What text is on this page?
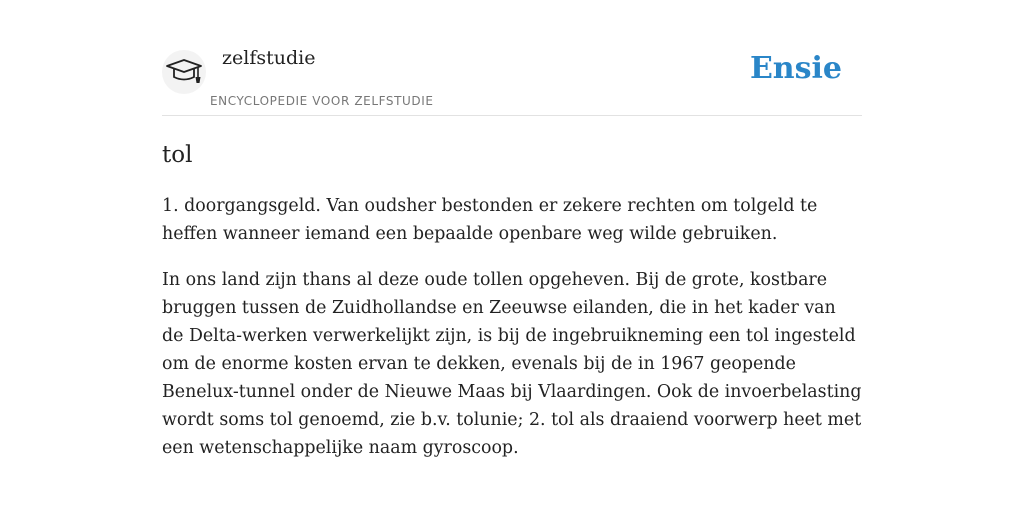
zelfstudie
ENCYCLOPEDIE VOOR ZELFSTUDIE
Ensie
tol

1. doorgangsgeld. Van oudsher bestonden er zekere rechten om tolgeld te heffen wanneer iemand een bepaalde openbare weg wilde gebruiken.

In ons land zijn thans al deze oude tollen opgeheven. Bij de grote, kostbare bruggen tussen de Zuidhollandse en Zeeuwse eilanden, die in het kader van de Delta-werken verwerkelijkt zijn, is bij de ingebruikneming een tol ingesteld om de enorme kosten ervan te dekken, evenals bij de in 1967 geopende Benelux-tunnel onder de Nieuwe Maas bij Vlaardingen. Ook de invoerbelasting wordt soms tol genoemd, zie b.v. tolunie; 2. tol als draaiend voorwerp heet met een wetenschappelijke naam gyroscoop.
